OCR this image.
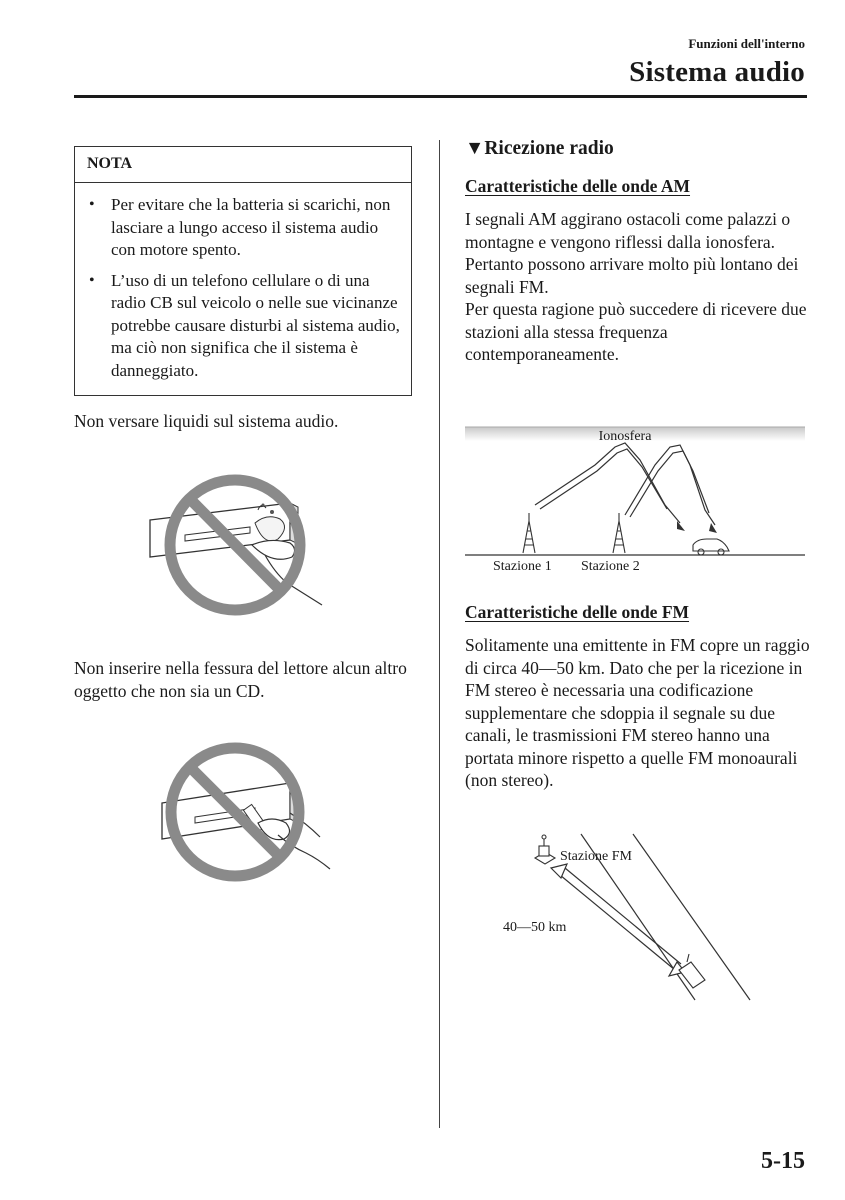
Funzioni dell'interno
Sistema audio
NOTA
• Per evitare che la batteria si scarichi, non lasciare a lungo acceso il sistema audio con motore spento.
• L’uso di un telefono cellulare o di una radio CB sul veicolo o nelle sue vicinanze potrebbe causare disturbi al sistema audio, ma ciò non significa che il sistema è danneggiato.

Non versare liquidi sul sistema audio.

Non inserire nella fessura del lettore alcun altro oggetto che non sia un CD.

▼Ricezione radio
Caratteristiche delle onde AM

I segnali AM aggirano ostacoli come palazzi o montagne e vengono riflessi dalla ionosfera.
Pertanto possono arrivare molto più lontano dei segnali FM.
Per questa ragione può succedere di ricevere due stazioni alla stessa frequenza contemporaneamente.

Ionosfera
Stazione 1 Stazione 2
Caratteristiche delle onde FM

Solitamente una emittente in FM copre un raggio di circa 40―50 km. Dato che per la ricezione in FM stereo è necessaria una codificazione supplementare che sdoppia il segnale su due canali, le trasmissioni FM stereo hanno una portata minore rispetto a quelle FM monoaurali (non stereo).

Stazione FM
40—50 km
5-15
